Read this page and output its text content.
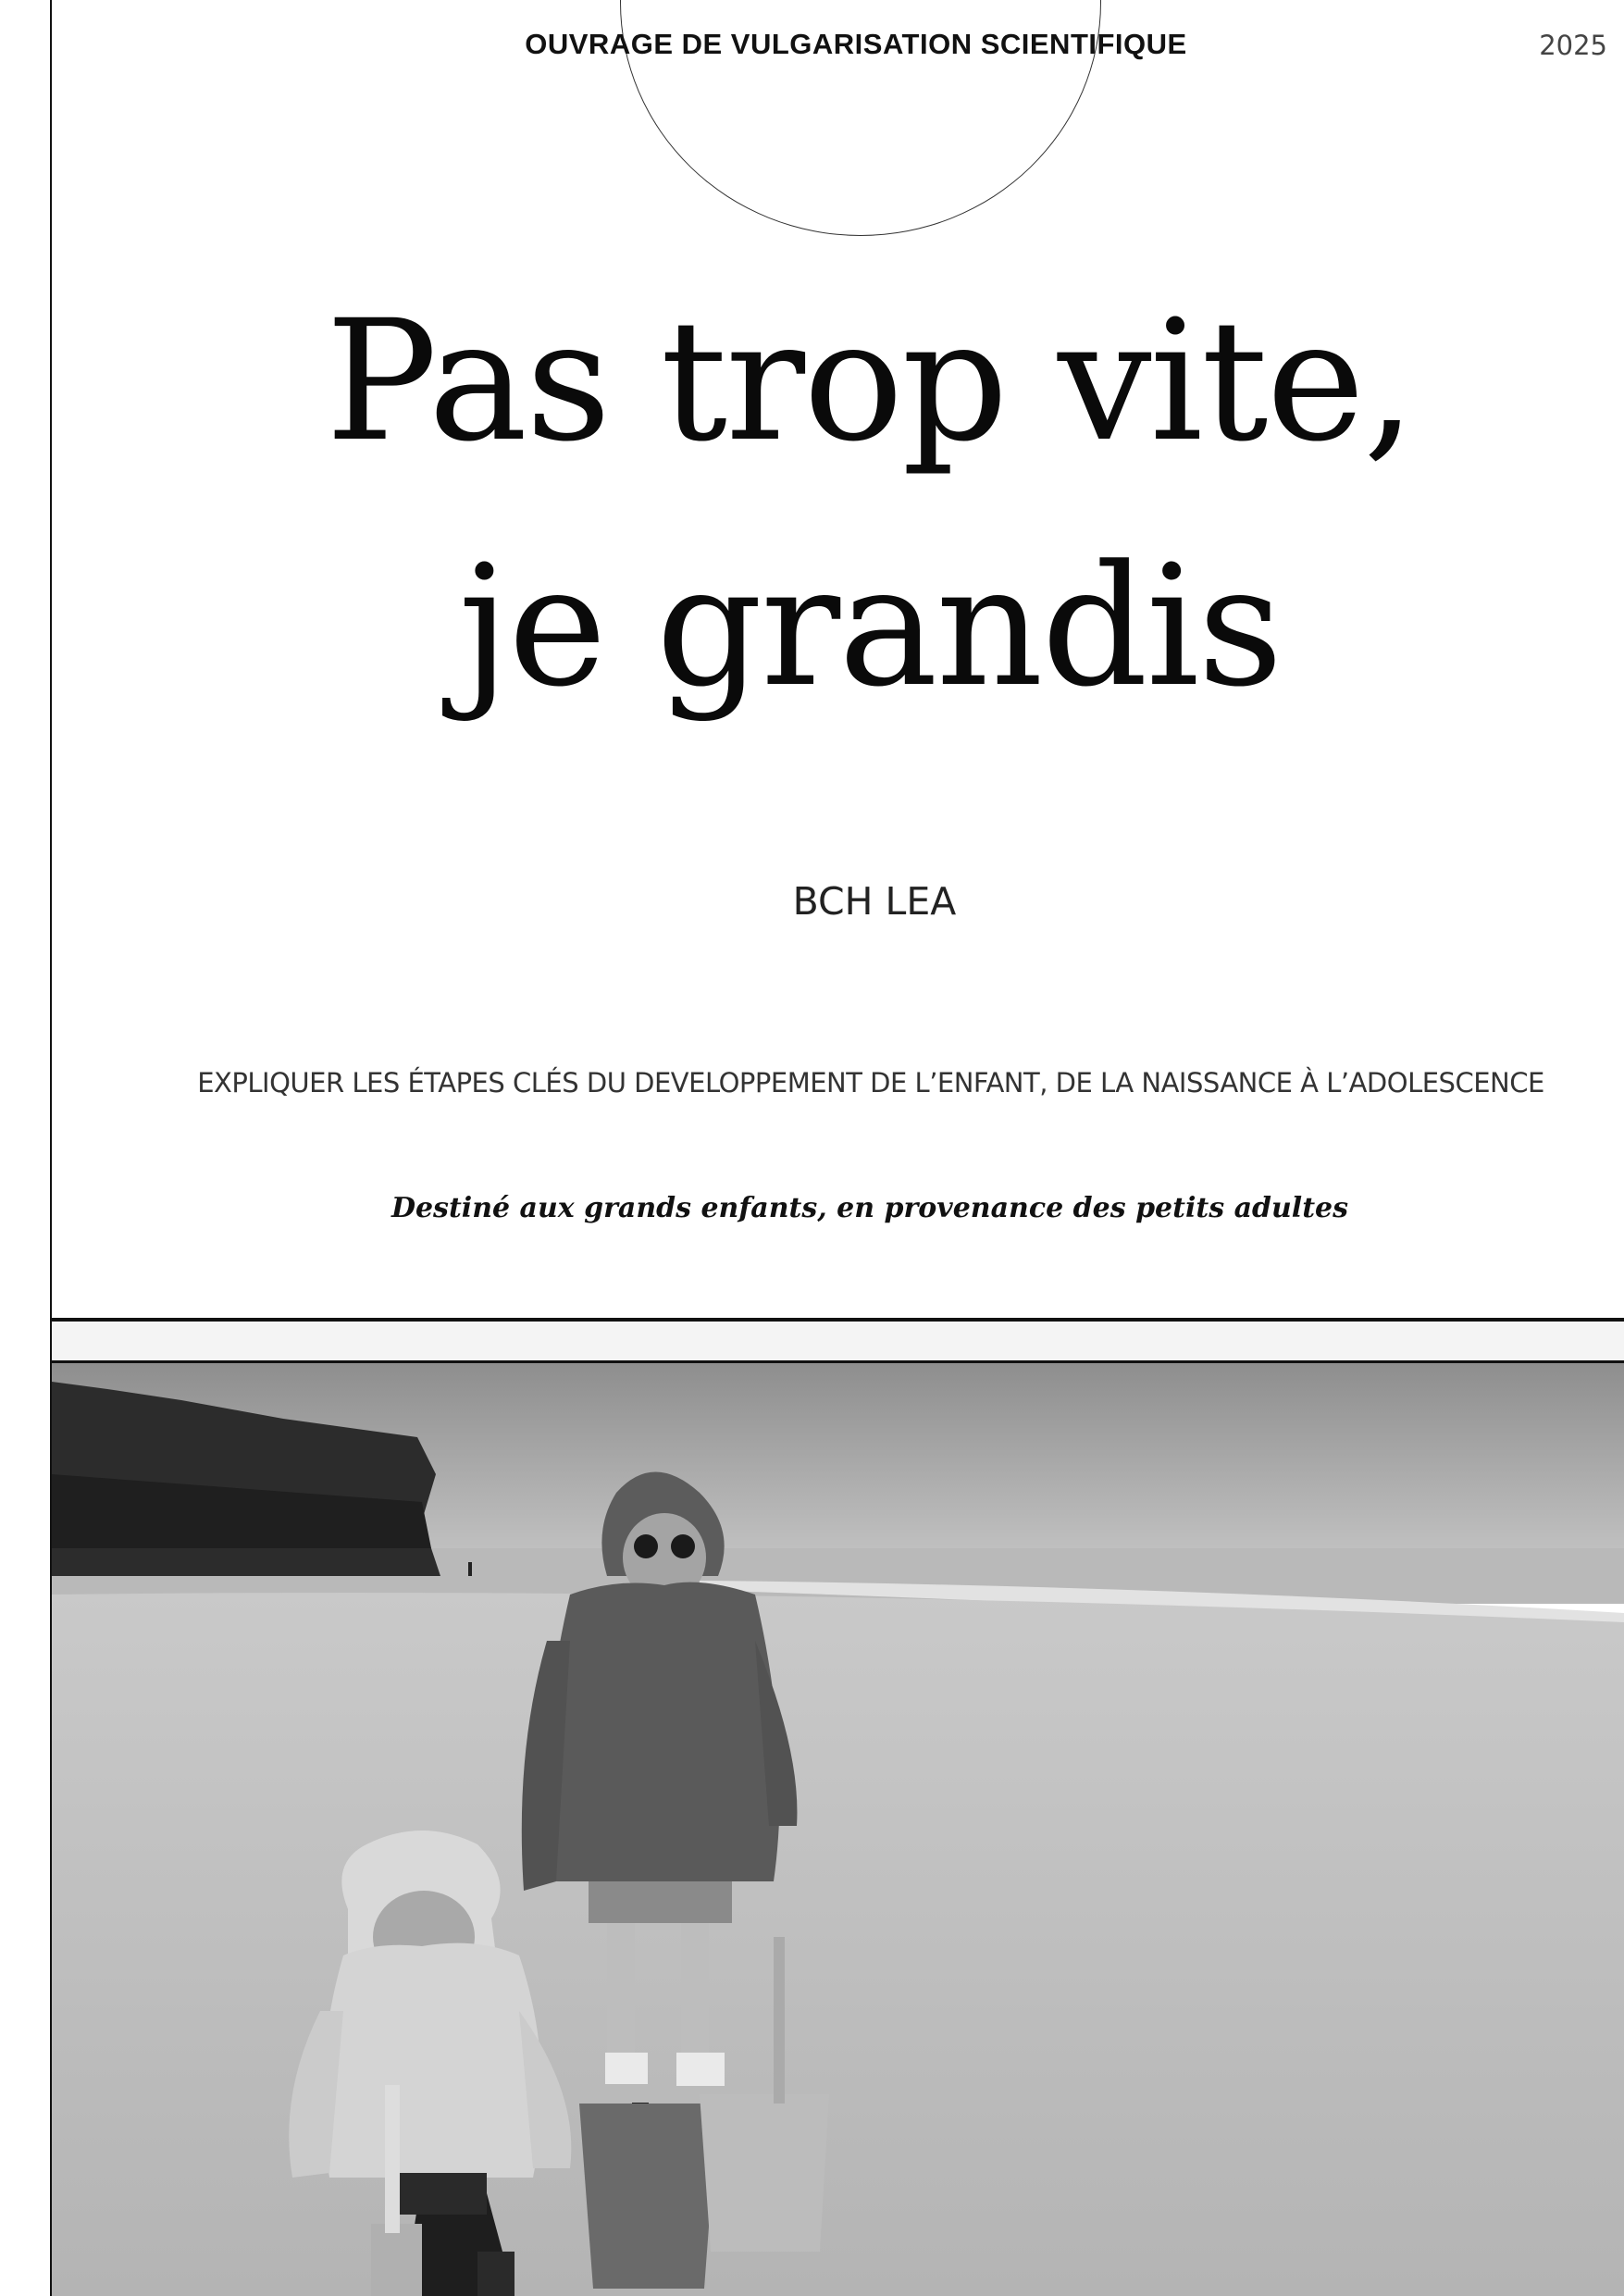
OUVRAGE DE VULGARISATION SCIENTIFIQUE	2025
Pas trop vite,
je grandis
BCH LEA
EXPLIQUER LES ÉTAPES CLÉS DU DEVELOPPEMENT DE L’ENFANT, DE LA NAISSANCE À L’ADOLESCENCE
Destiné aux grands enfants, en provenance des petits adultes
